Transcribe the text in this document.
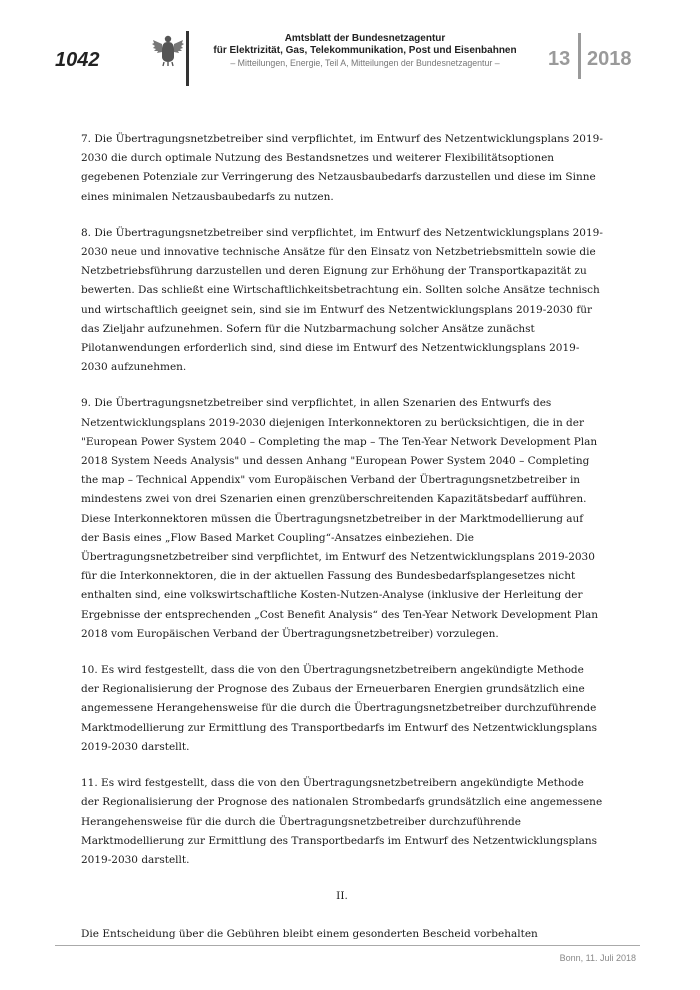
1042
Amtsblatt der Bundesnetzagentur
für Elektrizität, Gas, Telekommunikation, Post und Eisenbahnen
– Mitteilungen, Energie, Teil A, Mitteilungen der Bundesnetzagentur –	13 2018

7. Die Übertragungsnetzbetreiber sind verpflichtet, im Entwurf des Netzentwicklungsplans 2019-2030 die durch optimale Nutzung des Bestandsnetzes und weiterer Flexibilitätsoptionen gegebenen Potenziale zur Verringerung des Netzausbaubedarfs darzustellen und diese im Sinne eines minimalen Netzausbaubedarfs zu nutzen.

8. Die Übertragungsnetzbetreiber sind verpflichtet, im Entwurf des Netzentwicklungsplans 2019-2030 neue und innovative technische Ansätze für den Einsatz von Netzbetriebsmitteln sowie die Netzbetriebsführung darzustellen und deren Eignung zur Erhöhung der Transportkapazität zu bewerten. Das schließt eine Wirtschaftlichkeitsbetrachtung ein. Sollten solche Ansätze technisch und wirtschaftlich geeignet sein, sind sie im Entwurf des Netzentwicklungsplans 2019-2030 für das Zieljahr aufzunehmen. Sofern für die Nutzbarmachung solcher Ansätze zunächst Pilotanwendungen erforderlich sind, sind diese im Entwurf des Netzentwicklungsplans 2019-2030 aufzunehmen.

9. Die Übertragungsnetzbetreiber sind verpflichtet, in allen Szenarien des Entwurfs des Netzentwicklungsplans 2019-2030 diejenigen Interkonnektoren zu berücksichtigen, die in der "European Power System 2040 – Completing the map – The Ten-Year Network Development Plan 2018 System Needs Analysis" und dessen Anhang "European Power System 2040 – Completing the map – Technical Appendix" vom Europäischen Verband der Übertragungsnetzbetreiber in mindestens zwei von drei Szenarien einen grenzüberschreitenden Kapazitätsbedarf aufführen. Diese Interkonnektoren müssen die Übertragungsnetzbetreiber in der Marktmodellierung auf der Basis eines „Flow Based Market Coupling“-Ansatzes einbeziehen. Die Übertragungsnetzbetreiber sind verpflichtet, im Entwurf des Netzentwicklungsplans 2019-2030 für die Interkonnektoren, die in der aktuellen Fassung des Bundesbedarfsplangesetzes nicht enthalten sind, eine volkswirtschaftliche Kosten-Nutzen-Analyse (inklusive der Herleitung der Ergebnisse der entsprechenden „Cost Benefit Analysis“ des Ten-Year Network Development Plan 2018 vom Europäischen Verband der Übertragungsnetzbetreiber) vorzulegen.

10. Es wird festgestellt, dass die von den Übertragungsnetzbetreibern angekündigte Methode der Regionalisierung der Prognose des Zubaus der Erneuerbaren Energien grundsätzlich eine angemessene Herangehensweise für die durch die Übertragungsnetzbetreiber durchzuführende Marktmodellierung zur Ermittlung des Transportbedarfs im Entwurf des Netzentwicklungsplans 2019-2030 darstellt.

11. Es wird festgestellt, dass die von den Übertragungsnetzbetreibern angekündigte Methode der Regionalisierung der Prognose des nationalen Strombedarfs grundsätzlich eine angemessene Herangehensweise für die durch die Übertragungsnetzbetreiber durchzuführende Marktmodellierung zur Ermittlung des Transportbedarfs im Entwurf des Netzentwicklungsplans 2019-2030 darstellt.

II.

Die Entscheidung über die Gebühren bleibt einem gesonderten Bescheid vorbehalten

Bonn, 11. Juli 2018
